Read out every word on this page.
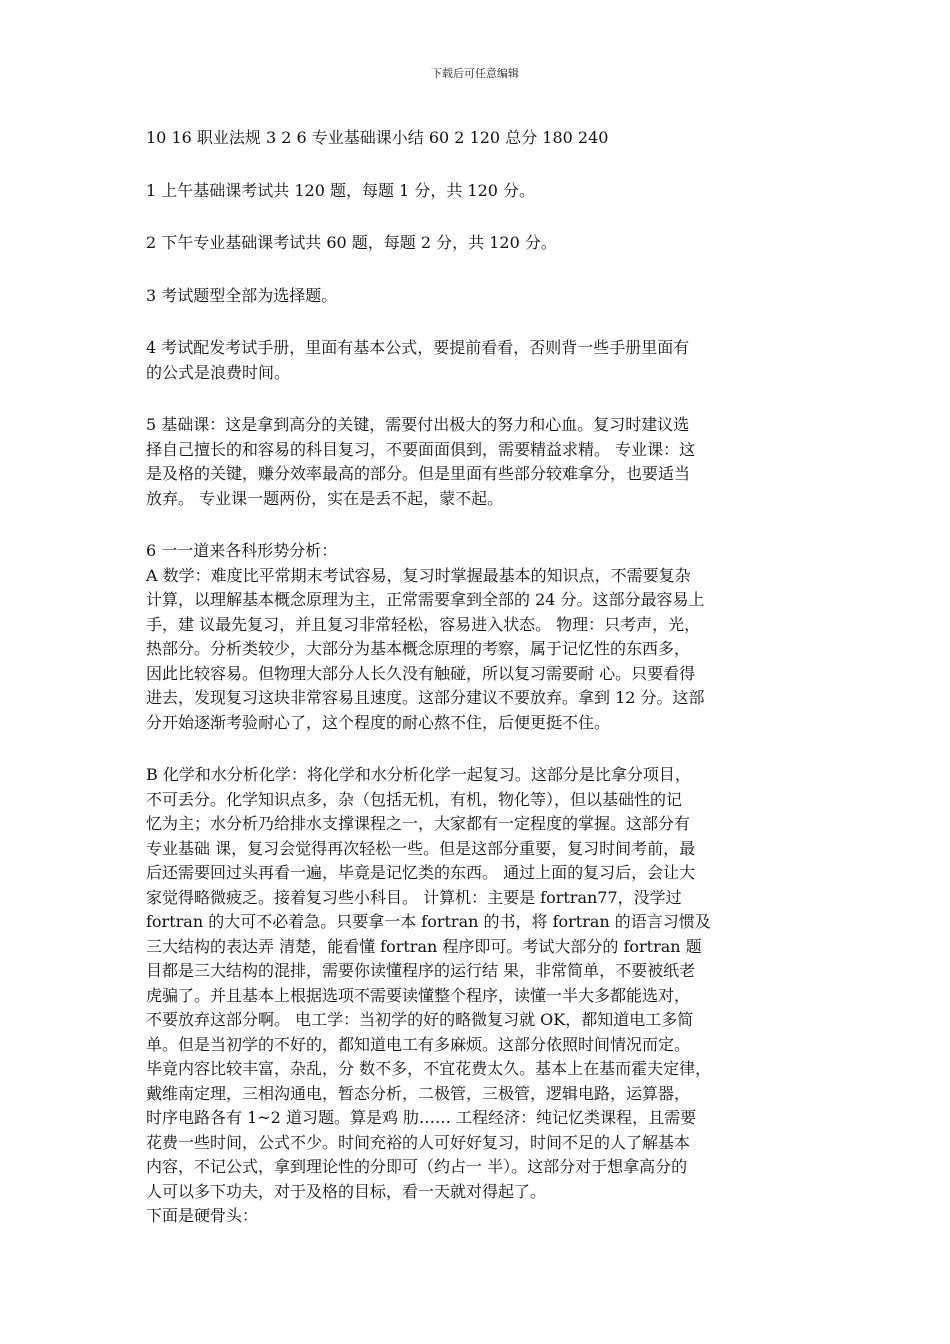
下载后可任意编辑
10 16 职业法规 3 2 6 专业基础课小结 60 2 120 总分 180 240
1 上午基础课考试共 120 题，每题 1 分，共 120 分。
2 下午专业基础课考试共 60 题，每题 2 分，共 120 分。
3 考试题型全部为选择题。
4 考试配发考试手册，里面有基本公式，要提前看看，否则背一些手册里面有
的公式是浪费时间。
5 基础课：这是拿到高分的关键，需要付出极大的努力和心血。复习时建议选
择自己擅长的和容易的科目复习，不要面面俱到，需要精益求精。 专业课：这
是及格的关键，赚分效率最高的部分。但是里面有些部分较难拿分，也要适当
放弃。 专业课一题两份，实在是丢不起，蒙不起。
6 一一道来各科形势分析：
A 数学：难度比平常期末考试容易，复习时掌握最基本的知识点，不需要复杂
计算，以理解基本概念原理为主，正常需要拿到全部的 24 分。这部分最容易上
手，建 议最先复习，并且复习非常轻松，容易进入状态。 物理：只考声，光，
热部分。分析类较少，大部分为基本概念原理的考察，属于记忆性的东西多，
因此比较容易。但物理大部分人长久没有触碰，所以复习需要耐 心。只要看得
进去，发现复习这块非常容易且速度。这部分建议不要放弃。拿到 12 分。这部
分开始逐渐考验耐心了，这个程度的耐心熬不住，后便更挺不住。
B 化学和水分析化学：将化学和水分析化学一起复习。这部分是比拿分项目，
不可丢分。化学知识点多，杂（包括无机，有机，物化等），但以基础性的记
忆为主；水分析乃给排水支撑课程之一，大家都有一定程度的掌握。这部分有
专业基础 课，复习会觉得再次轻松一些。但是这部分重要，复习时间考前，最
后还需要回过头再看一遍，毕竟是记忆类的东西。 通过上面的复习后，会让大
家觉得略微疲乏。接着复习些小科目。 计算机：主要是 fortran77，没学过
fortran 的大可不必着急。只要拿一本 fortran 的书，将 fortran 的语言习惯及
三大结构的表达弄 清楚，能看懂 fortran 程序即可。考试大部分的 fortran 题
目都是三大结构的混排，需要你读懂程序的运行结 果，非常简单，不要被纸老
虎骗了。并且基本上根据选项不需要读懂整个程序，读懂一半大多都能选对，
不要放弃这部分啊。 电工学：当初学的好的略微复习就 OK，都知道电工多简
单。但是当初学的不好的，都知道电工有多麻烦。这部分依照时间情况而定。
毕竟内容比较丰富，杂乱，分 数不多，不宜花费太久。基本上在基而霍夫定律，
戴维南定理，三相沟通电，暂态分析，二极管，三极管，逻辑电路，运算器，
时序电路各有 1~2 道习题。算是鸡 肋…… 工程经济：纯记忆类课程，且需要
花费一些时间，公式不少。时间充裕的人可好好复习，时间不足的人了解基本
内容，不记公式，拿到理论性的分即可（约占一 半）。这部分对于想拿高分的
人可以多下功夫，对于及格的目标，看一天就对得起了。
下面是硬骨头：
